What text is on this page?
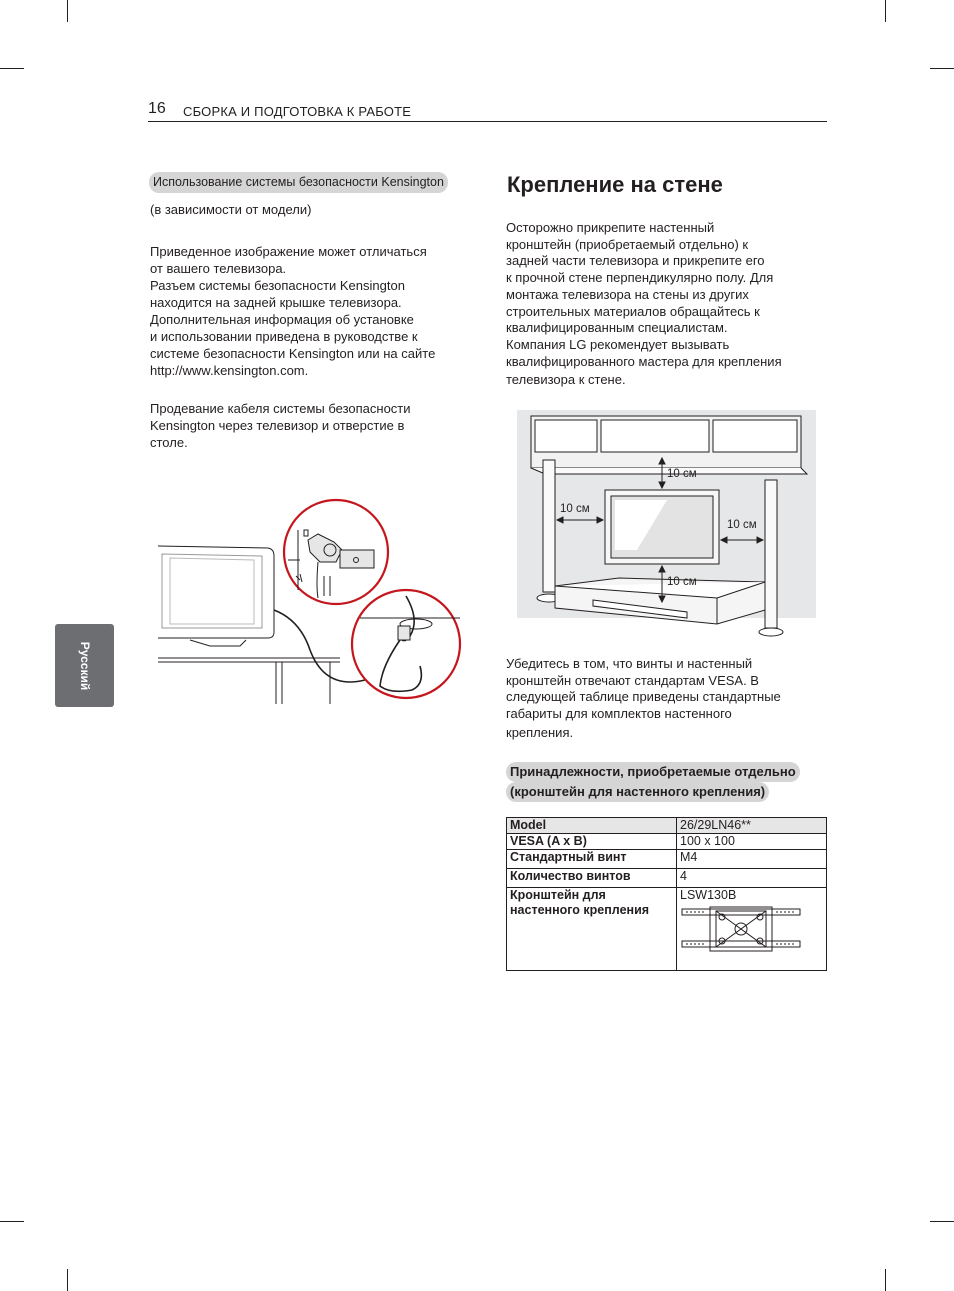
16 СБОРКА И ПОДГОТОВКА К РАБОТЕ
Русский
Использование системы безопасности Kensington
(в зависимости от модели)

Приведенное изображение может отличаться

от вашего телевизора.

Разъем системы безопасности Kensington

находится на задней крышке телевизора.

Дополнительная информация об установке

и использовании приведена в руководстве к

системе безопасности Kensington или на сайте

http://www.kensington.com.

Продевание кабеля системы безопасности

Kensington через телевизор и отверстие в

столе.

Крепление на стене

Осторожно прикрепите настенный

кронштейн (приобретаемый отдельно) к

задней части телевизора и прикрепите его

к прочной стене перпендикулярно полу. Для

монтажа телевизора на стены из других

строительных материалов обращайтесь к

квалифицированным специалистам.

Компания LG рекомендует вызывать

квалифицированного мастера для крепления

телевизора к стене.

10 см
10 см
10 см
10 см

Убедитесь в том, что винты и настенный

кронштейн отвечают стандартам VESA. В

следующей таблице приведены стандартные

габариты для комплектов настенного

крепления.

Принадлежности, приобретаемые отдельно
(кронштейн для настенного крепления)
Model	26/29LN46**
VESA (A x B)	100 x 100
Стандартный винт	M4
Количество винтов	4
Кронштейн для настенного крепления	LSW130B
